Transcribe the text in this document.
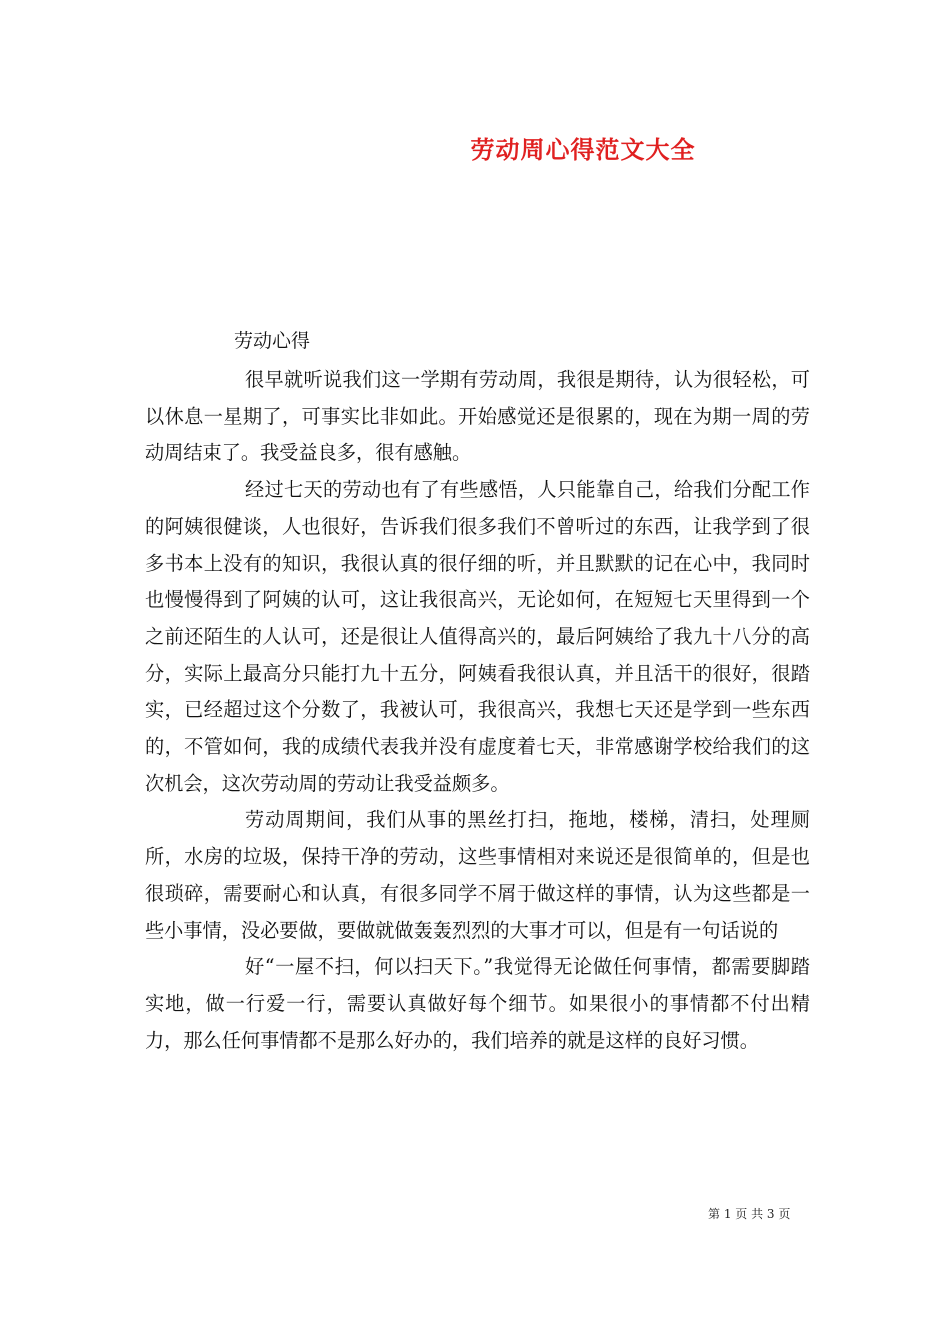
劳动周心得范文大全
劳动心得

很早就听说我们这一学期有劳动周，我很是期待，认为很轻松，可以休息一星期了，可事实比非如此。开始感觉还是很累的，现在为期一周的劳动周结束了。我受益良多，很有感触。

经过七天的劳动也有了有些感悟，人只能靠自己，给我们分配工作的阿姨很健谈，人也很好，告诉我们很多我们不曾听过的东西，让我学到了很多书本上没有的知识，我很认真的很仔细的听，并且默默的记在心中，我同时也慢慢得到了阿姨的认可，这让我很高兴，无论如何，在短短七天里得到一个之前还陌生的人认可，还是很让人值得高兴的，最后阿姨给了我九十八分的高分，实际上最高分只能打九十五分，阿姨看我很认真，并且活干的很好，很踏实，已经超过这个分数了，我被认可，我很高兴，我想七天还是学到一些东西的，不管如何，我的成绩代表我并没有虚度着七天，非常感谢学校给我们的这次机会，这次劳动周的劳动让我受益颇多。

劳动周期间，我们从事的黑丝打扫，拖地，楼梯，清扫，处理厕所，水房的垃圾，保持干净的劳动，这些事情相对来说还是很简单的，但是也很琐碎，需要耐心和认真，有很多同学不屑于做这样的事情，认为这些都是一些小事情，没必要做，要做就做轰轰烈烈的大事才可以，但是有一句话说的

好“一屋不扫，何以扫天下。”我觉得无论做任何事情，都需要脚踏实地，做一行爱一行，需要认真做好每个细节。如果很小的事情都不付出精力，那么任何事情都不是那么好办的，我们培养的就是这样的良好习惯。

第 1 页 共 3 页
